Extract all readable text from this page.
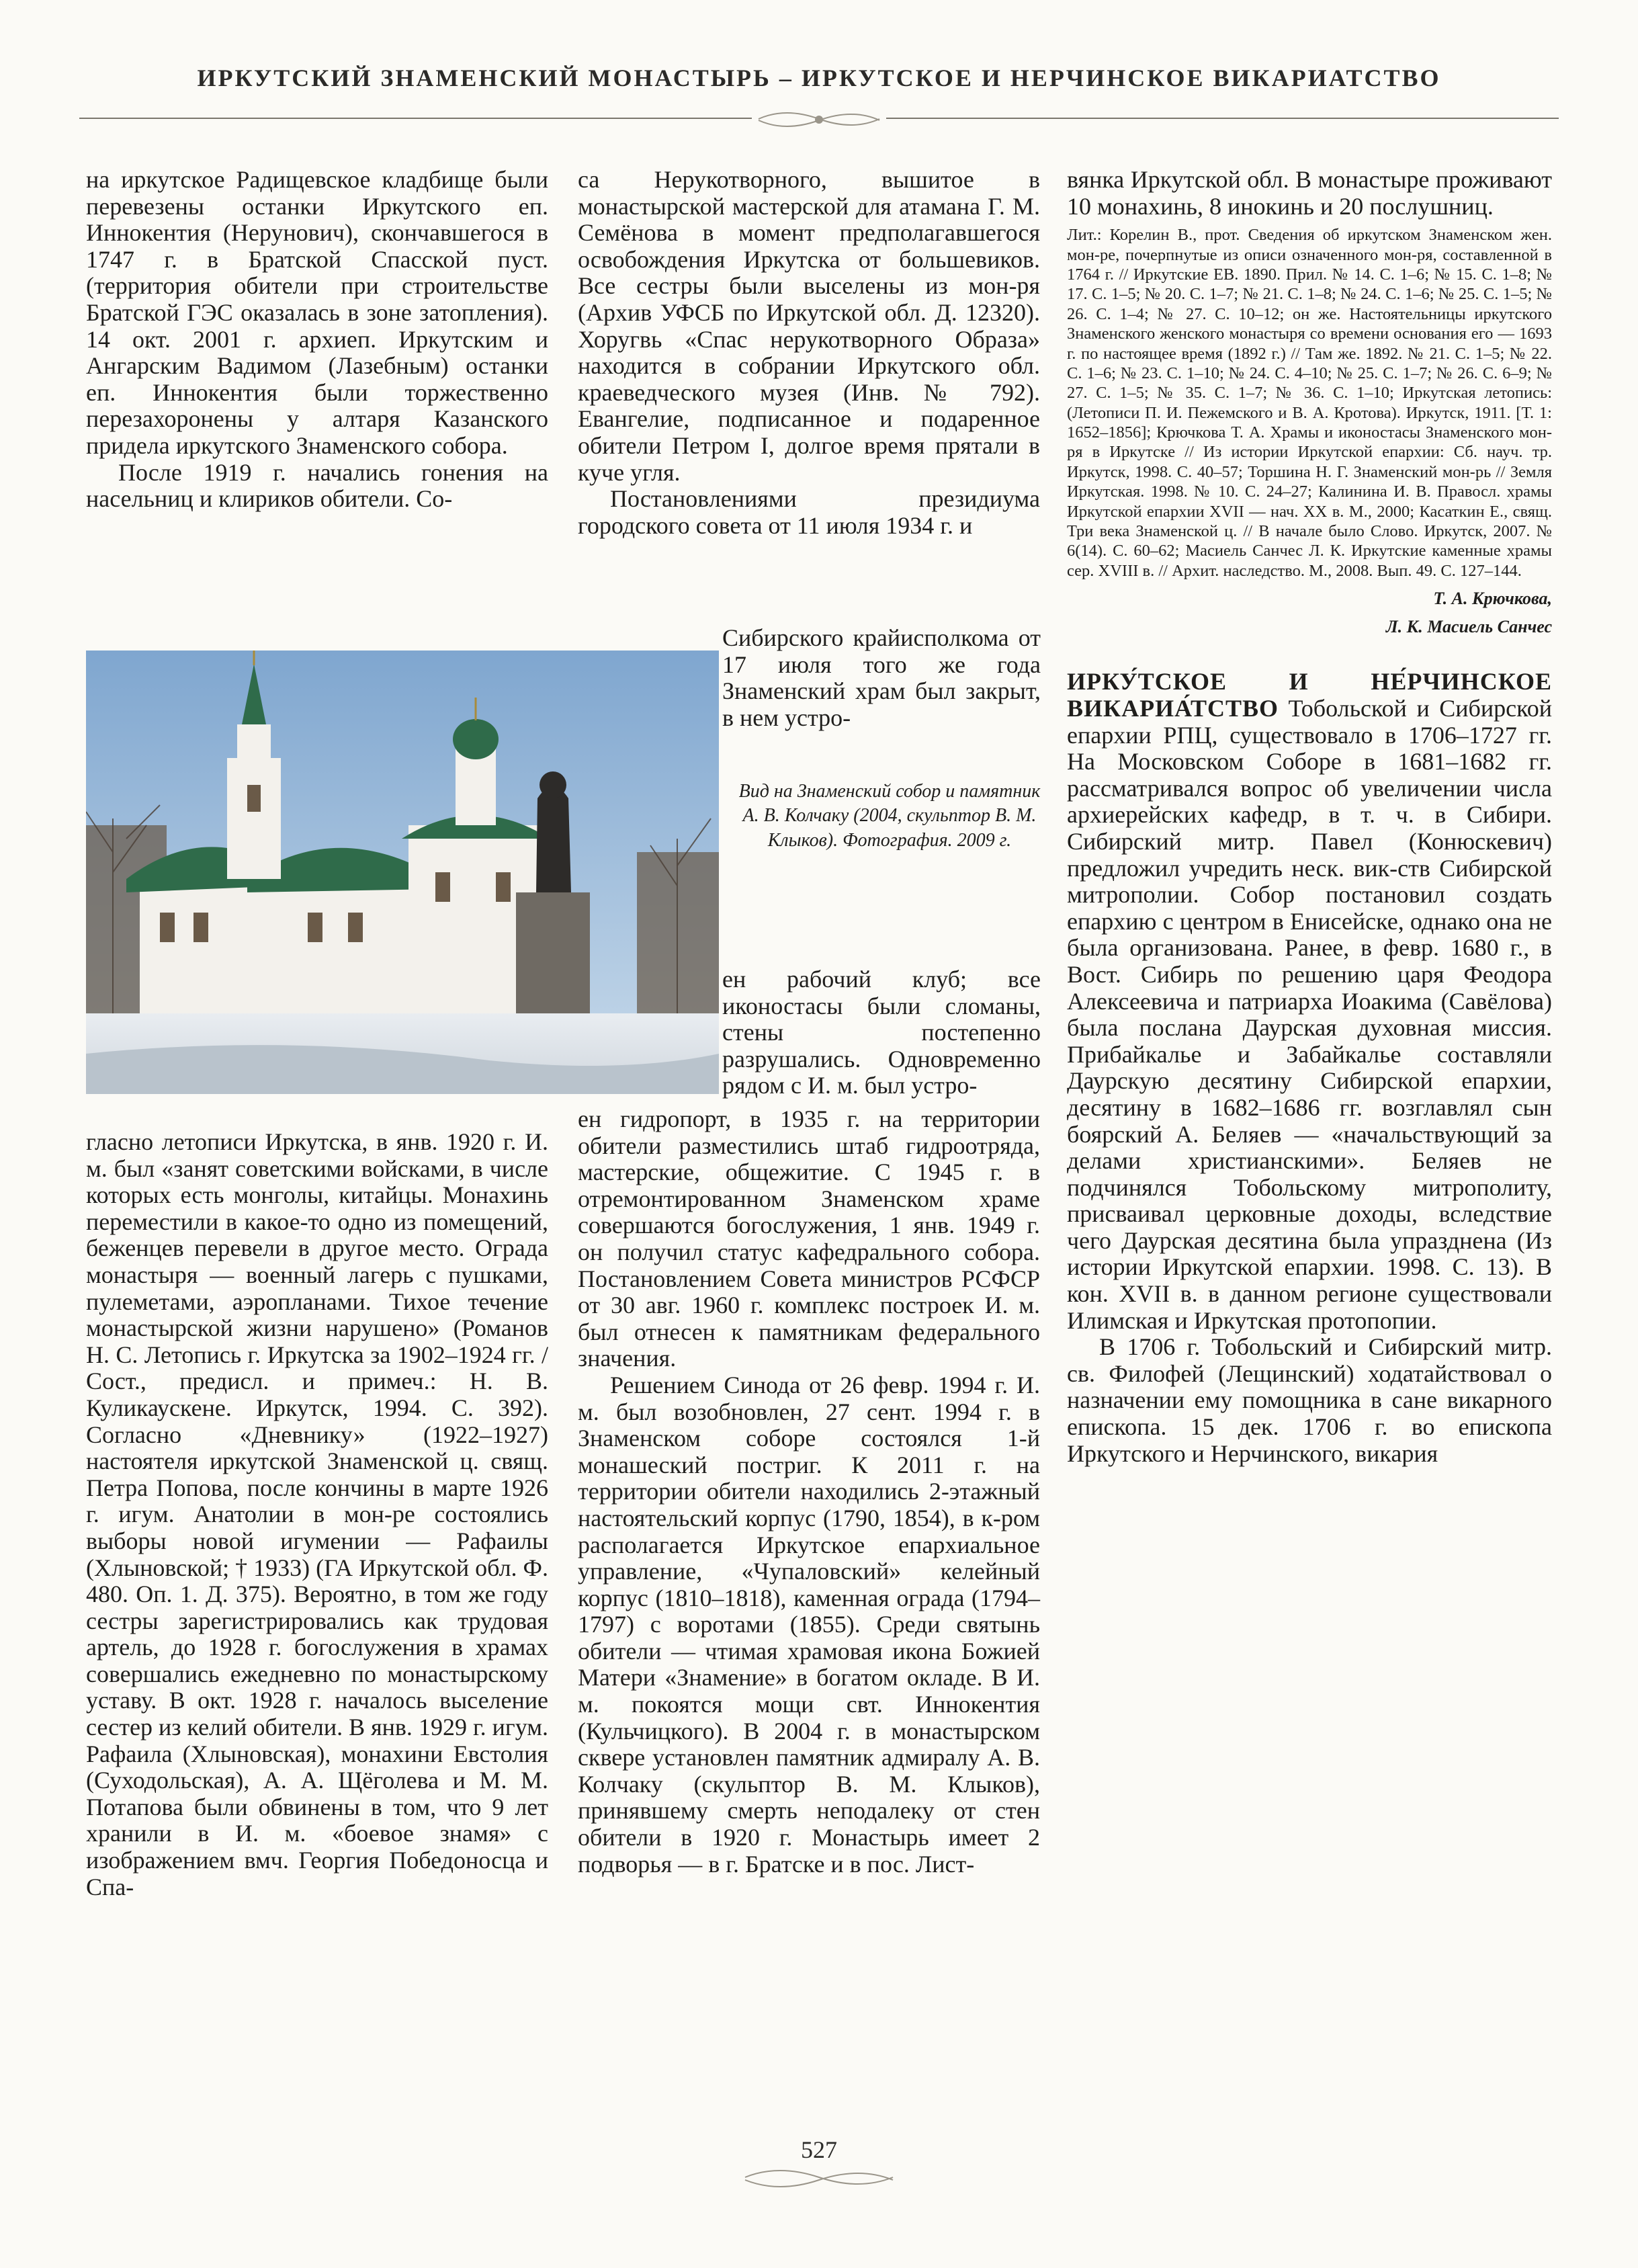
ИРКУТСКИЙ ЗНАМЕНСКИЙ МОНАСТЫРЬ – ИРКУТСКОЕ И НЕРЧИНСКОЕ ВИКАРИАТСТВО

на иркутское Радищевское кладбище были перевезены останки Иркутского еп. Иннокентия (Нерунович), скончавшегося в 1747 г. в Братской Спасской пуст. (территория обители при строительстве Братской ГЭС оказалась в зоне затопления). 14 окт. 2001 г. архиеп. Иркутским и Ангарским Вадимом (Лазебным) останки еп. Иннокентия были торжественно перезахоронены у алтаря Казанского придела иркутского Знаменского собора.

После 1919 г. начались гонения на насельниц и клириков обители. Со-

гласно летописи Иркутска, в янв. 1920 г. И. м. был «занят советскими войсками, в числе которых есть монголы, китайцы. Монахинь переместили в какое-то одно из помещений, беженцев перевели в другое место. Ограда монастыря — военный лагерь с пушками, пулеметами, аэропланами. Тихое течение монастырской жизни нарушено» (Романов Н. С. Летопись г. Иркутска за 1902–1924 гг. / Сост., предисл. и примеч.: Н. В. Куликаускене. Иркутск, 1994. С. 392). Согласно «Дневнику» (1922–1927) настоятеля иркутской Знаменской ц. свящ. Петра Попова, после кончины в марте 1926 г. игум. Анатолии в мон-ре состоялись выборы новой игумении — Рафаилы (Хлыновской; † 1933) (ГА Иркутской обл. Ф. 480. Оп. 1. Д. 375). Вероятно, в том же году сестры зарегистрировались как трудовая артель, до 1928 г. богослужения в храмах совершались ежедневно по монастырскому уставу. В окт. 1928 г. началось выселение сестер из келий обители. В янв. 1929 г. игум. Рафаила (Хлыновская), монахини Евстолия (Суходольская), А. А. Щёголева и М. М. Потапова были обвинены в том, что 9 лет хранили в И. м. «боевое знамя» с изображением вмч. Георгия Победоносца и Спа-

са Нерукотворного, вышитое в монастырской мастерской для атамана Г. М. Семёнова в момент предполагавшегося освобождения Иркутска от большевиков. Все сестры были выселены из мон-ря (Архив УФСБ по Иркутской обл. Д. 12320). Хоругвь «Спас нерукотворного Образа» находится в собрании Иркутского обл. краеведческого музея (Инв. № 792). Евангелие, подписанное и подаренное обители Петром I, долгое время прятали в куче угля.

Постановлениями президиума городского совета от 11 июля 1934 г. и

ен гидропорт, в 1935 г. на территории обители разместились штаб гидроотряда, мастерские, общежитие. С 1945 г. в отремонтированном Знаменском храме совершаются богослужения, 1 янв. 1949 г. он получил статус кафедрального собора. Постановлением Совета министров РСФСР от 30 авг. 1960 г. комплекс построек И. м. был отнесен к памятникам федерального значения.

Решением Синода от 26 февр. 1994 г. И. м. был возобновлен, 27 сент. 1994 г. в Знаменском соборе состоялся 1-й монашеский постриг. К 2011 г. на территории обители находились 2-этажный настоятельский корпус (1790, 1854), в к-ром располагается Иркутское епархиальное управление, «Чупаловский» келейный корпус (1810–1818), каменная ограда (1794–1797) с воротами (1855). Среди святынь обители — чтимая храмовая икона Божией Матери «Знамение» в богатом окладе. В И. м. покоятся мощи свт. Иннокентия (Кульчицкого). В 2004 г. в монастырском сквере установлен памятник адмиралу А. В. Колчаку (скульптор В. М. Клыков), принявшему смерть неподалеку от стен обители в 1920 г. Монастырь имеет 2 подворья — в г. Братске и в пос. Лист-

Сибирского крайисполкома от 17 июля того же года Знаменский храм был закрыт, в нем устро-

Вид на Знаменский собор и памятник А. В. Колчаку (2004, скульптор В. М. Клыков). Фотография. 2009 г.

ен рабочий клуб; все иконостасы были сломаны, стены постепенно разрушались. Одновременно рядом с И. м. был устро-

вянка Иркутской обл. В монастыре проживают 10 монахинь, 8 инокинь и 20 послушниц.

Лит.: Корелин В., прот. Сведения об иркутском Знаменском жен. мон-ре, почерпнутые из описи означенного мон-ря, составленной в 1764 г. // Иркутские ЕВ. 1890. Прил. № 14. С. 1–6; № 15. С. 1–8; № 17. С. 1–5; № 20. С. 1–7; № 21. С. 1–8; № 24. С. 1–6; № 25. С. 1–5; № 26. С. 1–4; № 27. С. 10–12; он же. Настоятельницы иркутского Знаменского женского монастыря со времени основания его — 1693 г. по настоящее время (1892 г.) // Там же. 1892. № 21. С. 1–5; № 22. С. 1–6; № 23. С. 1–10; № 24. С. 4–10; № 25. С. 1–7; № 26. С. 6–9; № 27. С. 1–5; № 35. С. 1–7; № 36. С. 1–10; Иркутская летопись: (Летописи П. И. Пежемского и В. А. Кротова). Иркутск, 1911. [Т. 1: 1652–1856]; Крючкова Т. А. Храмы и иконостасы Знаменского мон-ря в Иркутске // Из истории Иркутской епархии: Сб. науч. тр. Иркутск, 1998. С. 40–57; Торшина Н. Г. Знаменский мон-рь // Земля Иркутская. 1998. № 10. С. 24–27; Калинина И. В. Правосл. храмы Иркутской епархии XVII — нач. XX в. М., 2000; Касаткин Е., свящ. Три века Знаменской ц. // В начале было Слово. Иркутск, 2007. № 6(14). С. 60–62; Масиель Санчес Л. К. Иркутские каменные храмы сер. XVIII в. // Архит. наследство. М., 2008. Вып. 49. С. 127–144.

Т. А. Крючкова,
Л. К. Масиель Санчес

ИРКУ́ТСКОЕ И НЕ́РЧИНСКОЕ ВИКАРИА́ТСТВО Тобольской и Сибирской епархии РПЦ, существовало в 1706–1727 гг. На Московском Соборе в 1681–1682 гг. рассматривался вопрос об увеличении числа архиерейских кафедр, в т. ч. в Сибири. Сибирский митр. Павел (Конюскевич) предложил учредить неск. вик-ств Сибирской митрополии. Собор постановил создать епархию с центром в Енисейске, однако она не была организована. Ранее, в февр. 1680 г., в Вост. Сибирь по решению царя Феодора Алексеевича и патриарха Иоакима (Савёлова) была послана Даурская духовная миссия. Прибайкалье и Забайкалье составляли Даурскую десятину Сибирской епархии, десятину в 1682–1686 гг. возглавлял сын боярский А. Беляев — «начальствующий за делами христианскими». Беляев не подчинялся Тобольскому митрополиту, присваивал церковные доходы, вследствие чего Даурская десятина была упразднена (Из истории Иркутской епархии. 1998. С. 13). В кон. XVII в. в данном регионе существовали Илимская и Иркутская протопопии.

В 1706 г. Тобольский и Сибирский митр. св. Филофей (Лещинский) ходатайствовал о назначении ему помощника в сане викарного епископа. 15 дек. 1706 г. во епископа Иркутского и Нерчинского, викария

527
